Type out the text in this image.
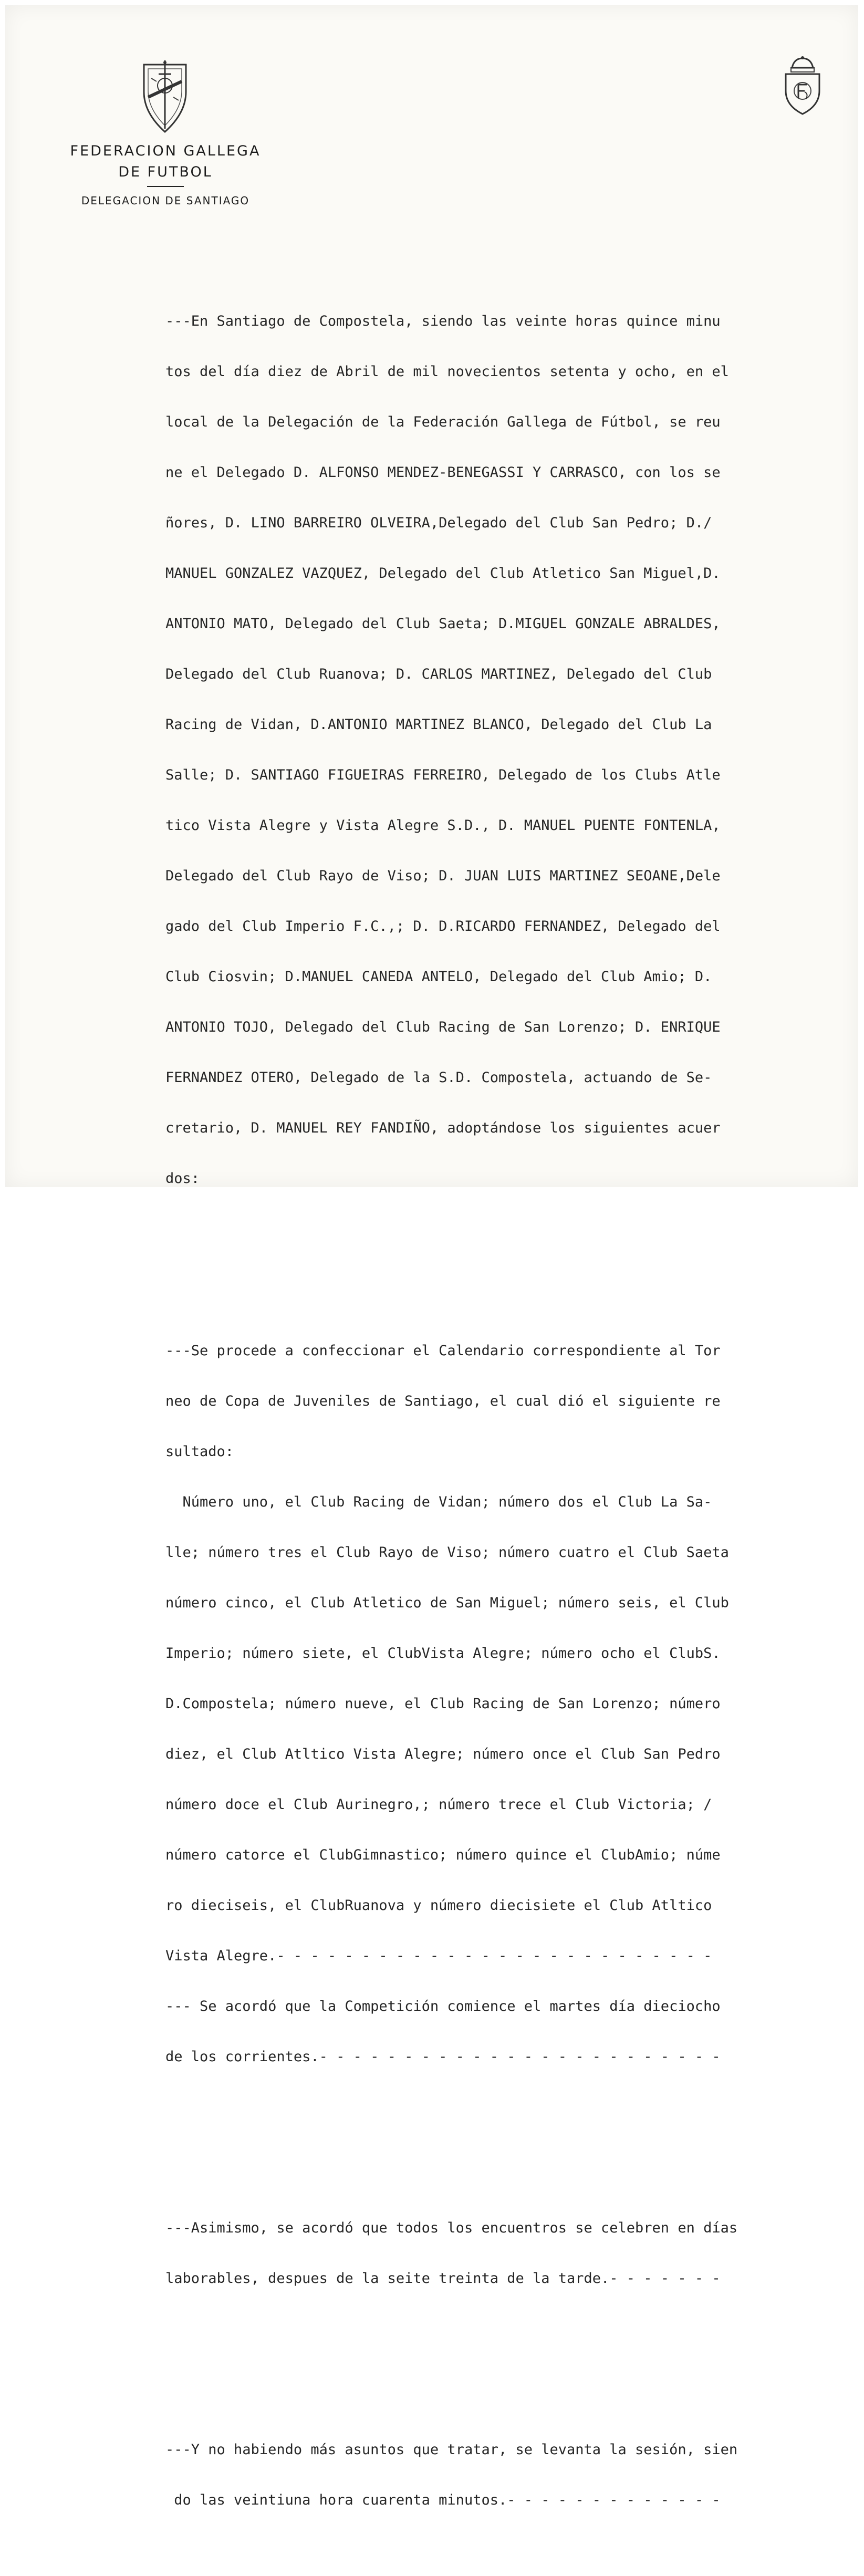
FEDERACION GALLEGA
DE FUTBOL
DELEGACION DE SANTIAGO

---En Santiago de Compostela, siendo las veinte horas quince minu

tos del día diez de Abril de mil novecientos setenta y ocho, en el

local de la Delegación de la Federación Gallega de Fútbol, se reu

ne el Delegado D. ALFONSO MENDEZ-BENEGASSI Y CARRASCO, con los se

ñores, D. LINO BARREIRO OLVEIRA,Delegado del Club San Pedro; D./

MANUEL GONZALEZ VAZQUEZ, Delegado del Club Atletico San Miguel,D.

ANTONIO MATO, Delegado del Club Saeta; D.MIGUEL GONZALE ABRALDES,

Delegado del Club Ruanova; D. CARLOS MARTINEZ, Delegado del Club

Racing de Vidan, D.ANTONIO MARTINEZ BLANCO, Delegado del Club La

Salle; D. SANTIAGO FIGUEIRAS FERREIRO, Delegado de los Clubs Atle

tico Vista Alegre y Vista Alegre S.D., D. MANUEL PUENTE FONTENLA,

Delegado del Club Rayo de Viso; D. JUAN LUIS MARTINEZ SEOANE,Dele

gado del Club Imperio F.C.,; D. D.RICARDO FERNANDEZ, Delegado del

Club Ciosvin; D.MANUEL CANEDA ANTELO, Delegado del Club Amio; D.

ANTONIO TOJO, Delegado del Club Racing de San Lorenzo; D. ENRIQUE

FERNANDEZ OTERO, Delegado de la S.D. Compostela, actuando de Se-

cretario, D. MANUEL REY FANDIÑO, adoptándose los siguientes acuer

dos:

---Se procede a confeccionar el Calendario correspondiente al Tor

neo de Copa de Juveniles de Santiago, el cual dió el siguiente re

sultado:

Número uno, el Club Racing de Vidan; número dos el Club La Sa-

lle; número tres el Club Rayo de Viso; número cuatro el Club Saeta

número cinco, el Club Atletico de San Miguel; número seis, el Club

Imperio; número siete, el ClubVista Alegre; número ocho el ClubS.

D.Compostela; número nueve, el Club Racing de San Lorenzo; número

diez, el Club Atltico Vista Alegre; número once el Club San Pedro

número doce el Club Aurinegro,; número trece el Club Victoria; /

número catorce el ClubGimnastico; número quince el ClubAmio; núme

ro dieciseis, el ClubRuanova y número diecisiete el Club Atltico

Vista Alegre.- - - - - - - - - - - - - - - - - - - - - - - - - -

--- Se acordó que la Competición comience el martes día dieciocho

de los corrientes.- - - - - - - - - - - - - - - - - - - - - - - -

---Asimismo, se acordó que todos los encuentros se celebren en días

laborables, despues de la seite treinta de la tarde.- - - - - - -

---Y no habiendo más asuntos que tratar, se levanta la sesión, sien

do las veintiuna hora cuarenta minutos.- - - - - - - - - - - - -
